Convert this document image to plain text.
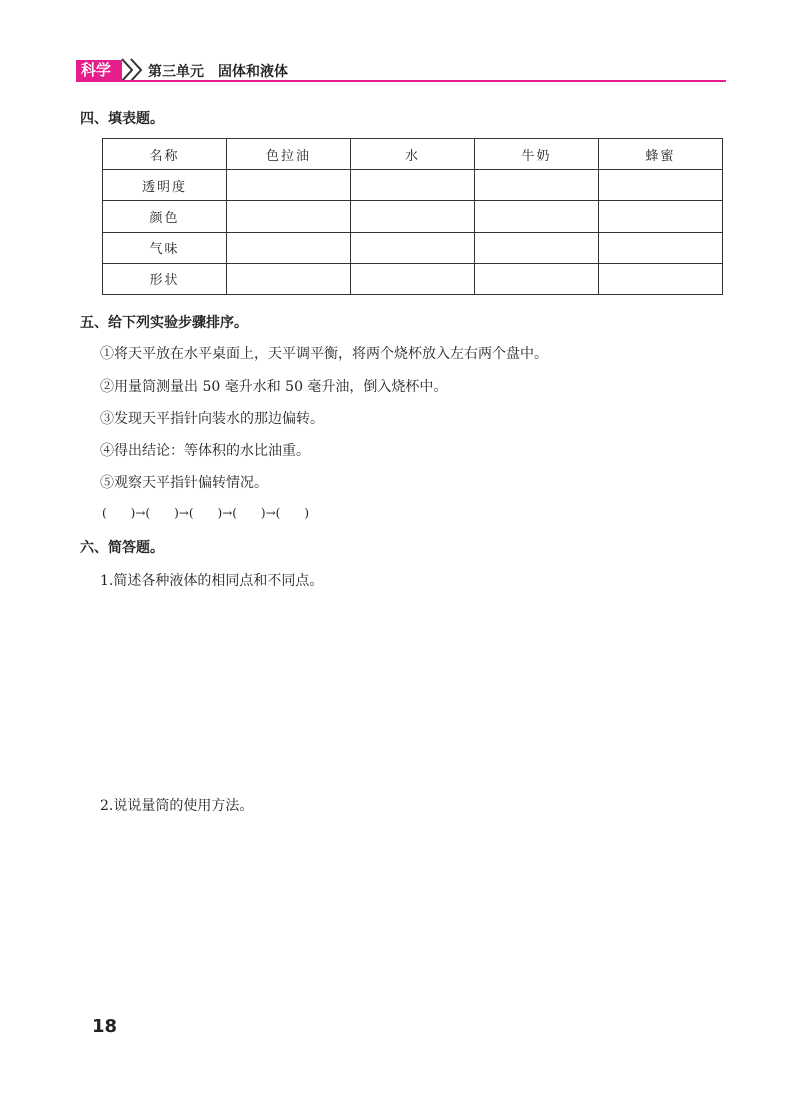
科学	第三单元　固体和液体
四、填表题。
名称	色拉油	水	牛奶	蜂蜜
透明度				
颜色				
气味				
形状				
五、给下列实验步骤排序。
①将天平放在水平桌面上，天平调平衡，将两个烧杯放入左右两个盘中。
②用量筒测量出 50 毫升水和 50 毫升油，倒入烧杯中。
③发现天平指针向装水的那边偏转。
④得出结论：等体积的水比油重。
⑤观察天平指针偏转情况。
(　　)→(　　)→(　　)→(　　)→(　　)
六、简答题。
1.简述各种液体的相同点和不同点。
2.说说量筒的使用方法。
18
